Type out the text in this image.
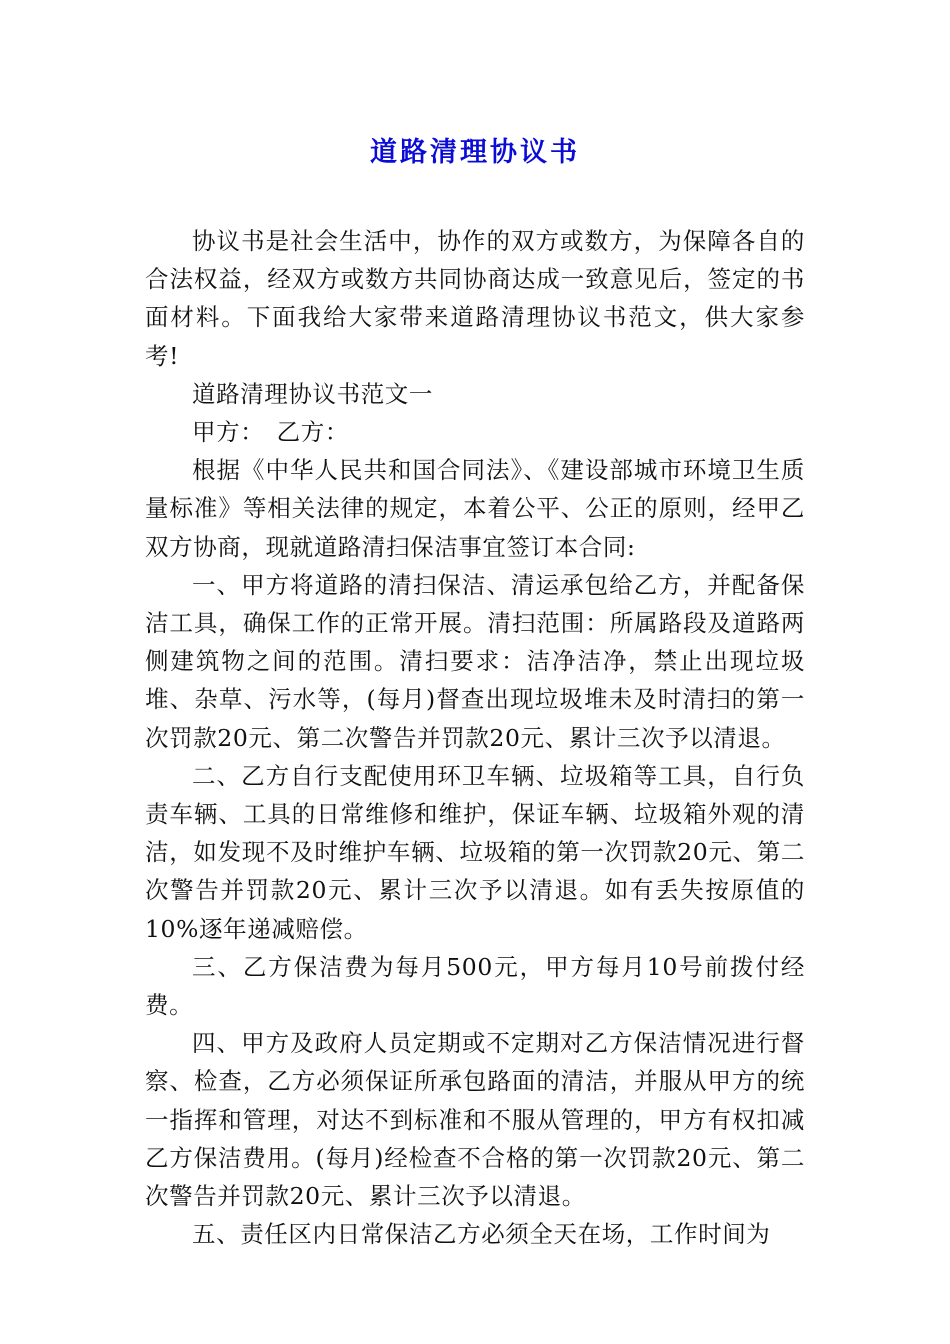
道路清理协议书

协议书是社会生活中，协作的双方或数方，为保障各自的合法权益，经双方或数方共同协商达成一致意见后，签定的书面材料。下面我给大家带来道路清理协议书范文，供大家参考!

道路清理协议书范文一

甲方：　乙方：

根据《中华人民共和国合同法》、《建设部城市环境卫生质量标准》等相关法律的规定，本着公平、公正的原则，经甲乙双方协商，现就道路清扫保洁事宜签订本合同:

一、甲方将道路的清扫保洁、清运承包给乙方，并配备保洁工具，确保工作的正常开展。清扫范围：所属路段及道路两侧建筑物之间的范围。清扫要求：洁净洁净，禁止出现垃圾堆、杂草、污水等，(每月)督查出现垃圾堆未及时清扫的第一次罚款20元、第二次警告并罚款20元、累计三次予以清退。

二、乙方自行支配使用环卫车辆、垃圾箱等工具，自行负责车辆、工具的日常维修和维护，保证车辆、垃圾箱外观的清洁，如发现不及时维护车辆、垃圾箱的第一次罚款20元、第二次警告并罚款20元、累计三次予以清退。如有丢失按原值的10%逐年递减赔偿。

三、乙方保洁费为每月500元，甲方每月10号前拨付经费。

四、甲方及政府人员定期或不定期对乙方保洁情况进行督察、检查，乙方必须保证所承包路面的清洁，并服从甲方的统一指挥和管理，对达不到标准和不服从管理的，甲方有权扣减乙方保洁费用。(每月)经检查不合格的第一次罚款20元、第二次警告并罚款20元、累计三次予以清退。

五、责任区内日常保洁乙方必须全天在场，工作时间为
